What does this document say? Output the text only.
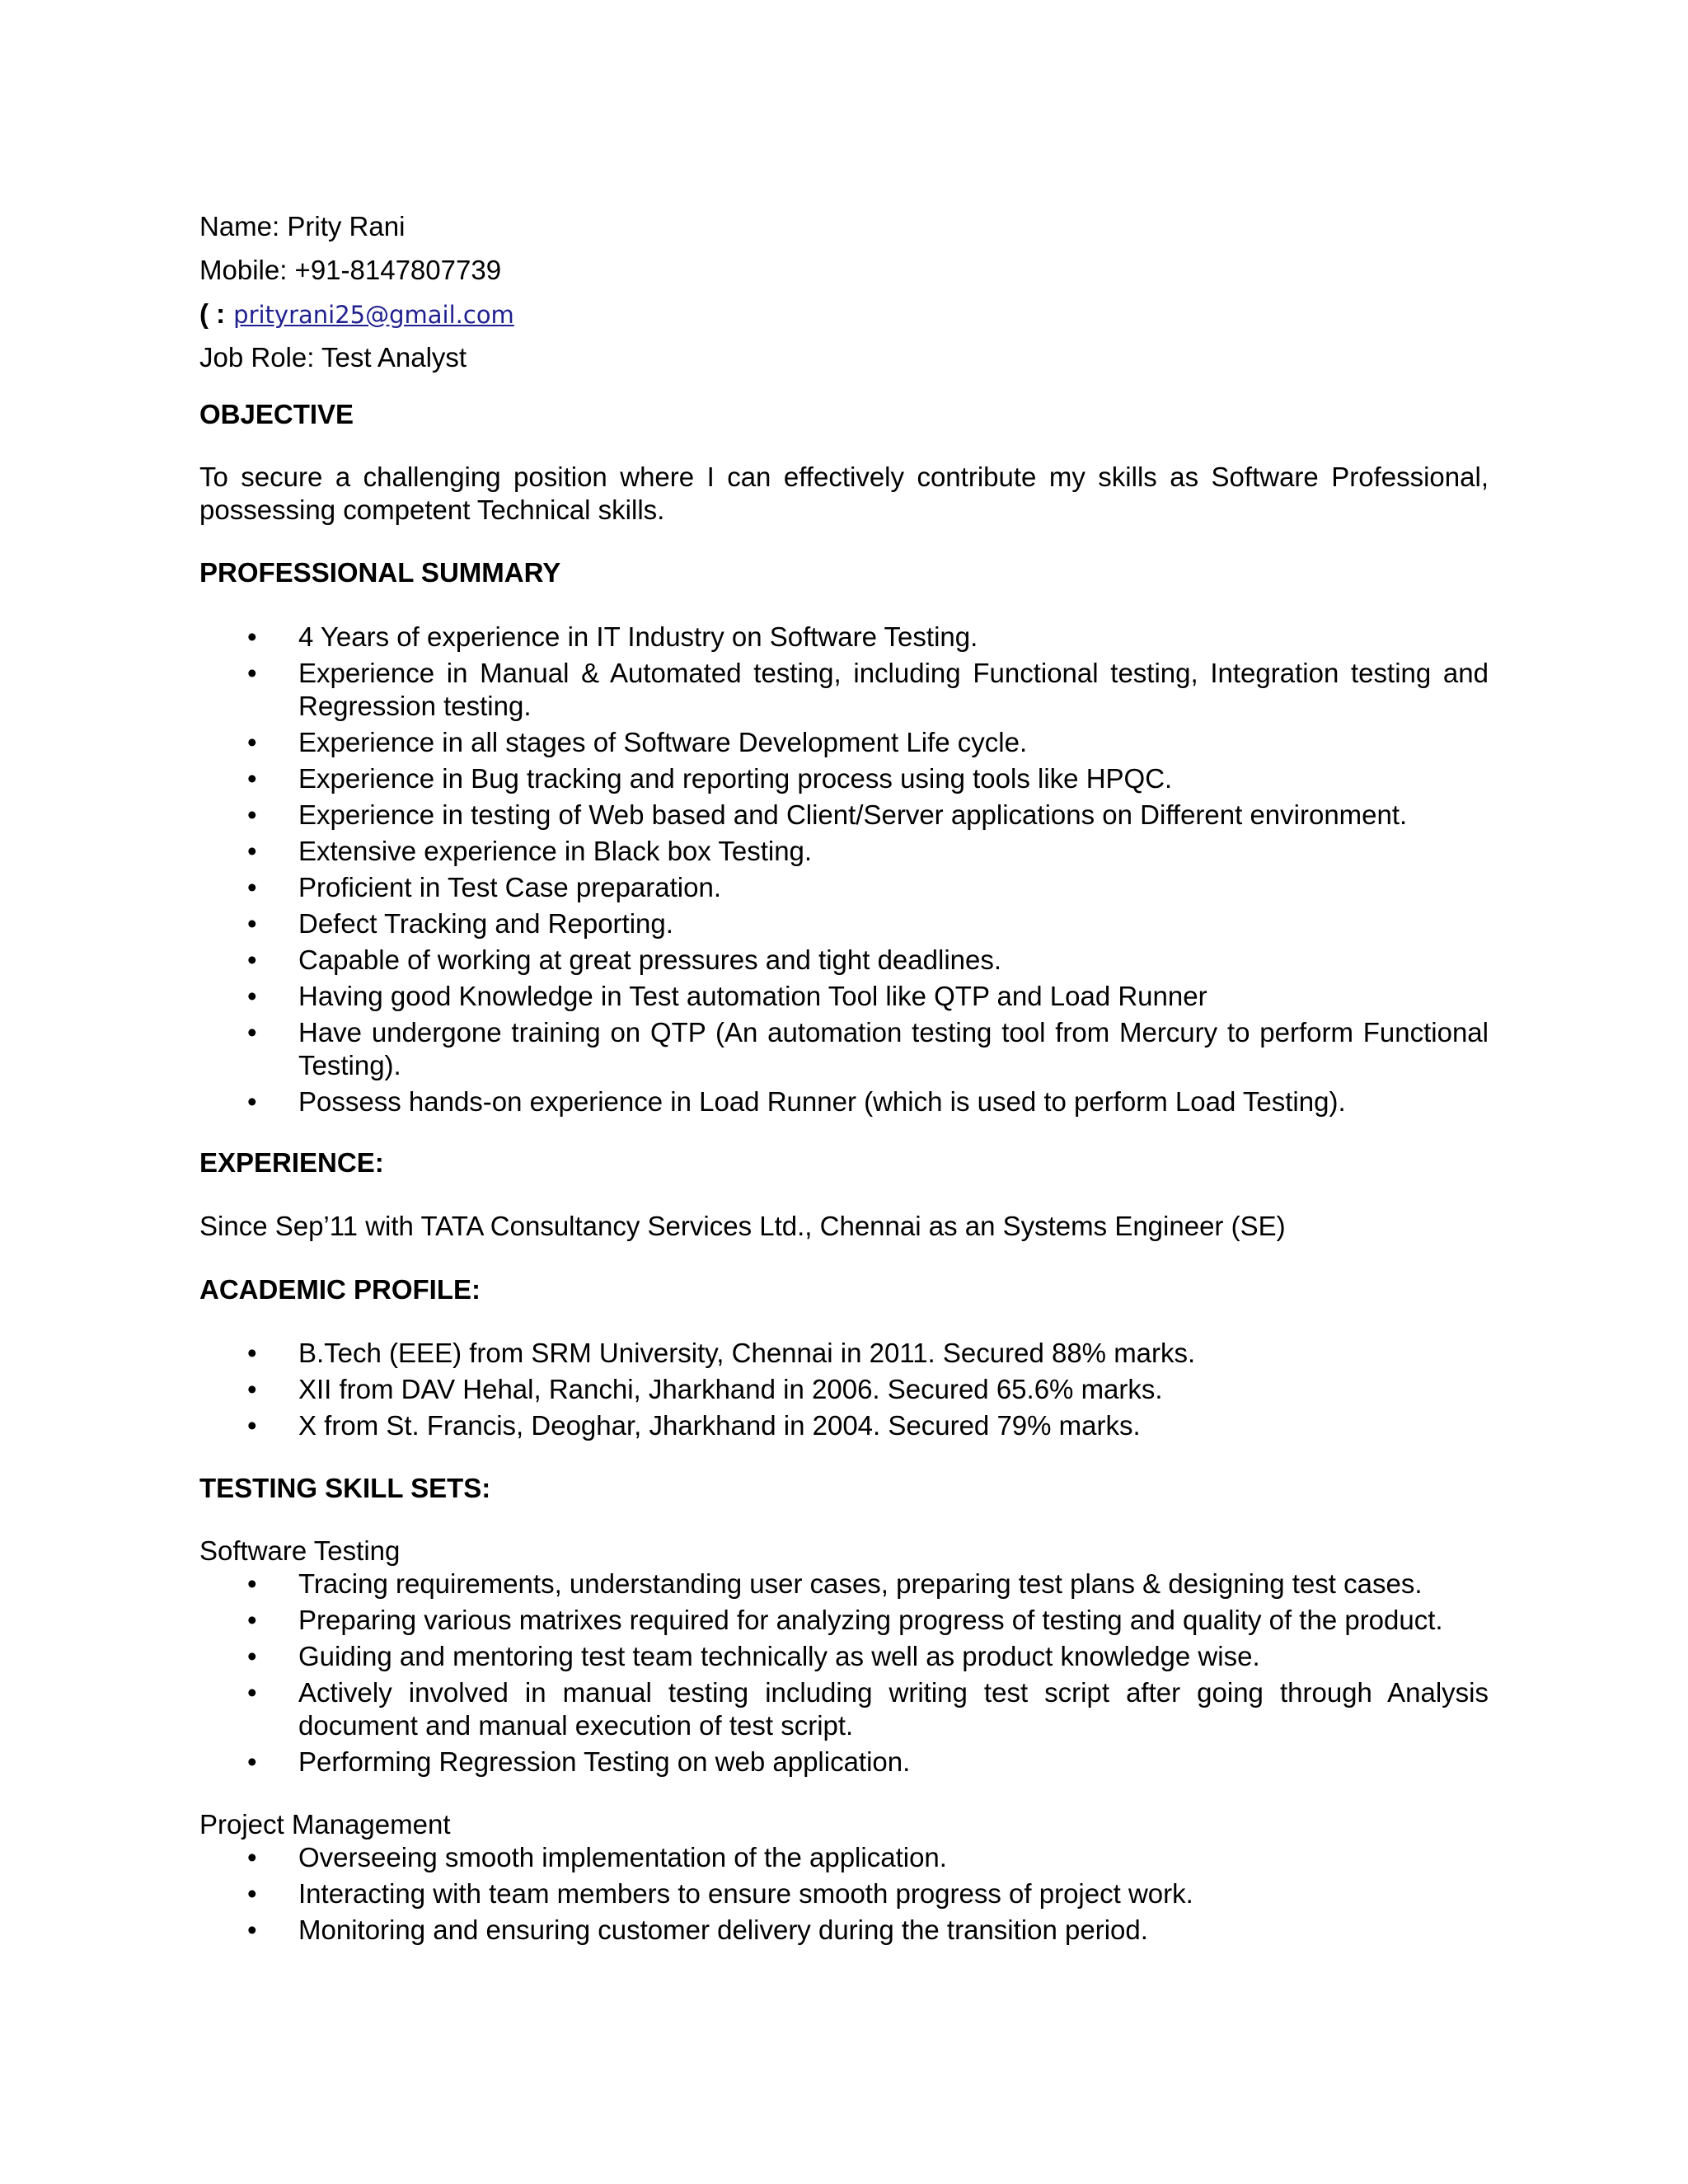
Name: Prity Rani

Mobile: +91-8147807739

( : prityrani25@gmail.com

Job Role: Test Analyst

OBJECTIVE

To secure a challenging position where I can effectively contribute my skills as Software Professional, possessing competent Technical skills.

PROFESSIONAL SUMMARY

• 4 Years of experience in IT Industry on Software Testing.
• Experience in Manual & Automated testing, including Functional testing, Integration testing and Regression testing.
• Experience in all stages of Software Development Life cycle.
• Experience in Bug tracking and reporting process using tools like HPQC.
• Experience in testing of Web based and Client/Server applications on Different environment.
• Extensive experience in Black box Testing.
• Proficient in Test Case preparation.
• Defect Tracking and Reporting.
• Capable of working at great pressures and tight deadlines.
• Having good Knowledge in Test automation Tool like QTP and Load Runner
• Have undergone training on QTP (An automation testing tool from Mercury to perform Functional Testing).
• Possess hands-on experience in Load Runner (which is used to perform Load Testing).

EXPERIENCE:

Since Sep’11 with TATA Consultancy Services Ltd., Chennai as an Systems Engineer (SE)

ACADEMIC PROFILE:

• B.Tech (EEE) from SRM University, Chennai in 2011. Secured 88% marks.
• XII from DAV Hehal, Ranchi, Jharkhand in 2006. Secured 65.6% marks.
• X from St. Francis, Deoghar, Jharkhand in 2004. Secured 79% marks.

TESTING SKILL SETS:

Software Testing

• Tracing requirements, understanding user cases, preparing test plans & designing test cases.
• Preparing various matrixes required for analyzing progress of testing and quality of the product.
• Guiding and mentoring test team technically as well as product knowledge wise.
• Actively involved in manual testing including writing test script after going through Analysis document and manual execution of test script.
• Performing Regression Testing on web application.

Project Management

• Overseeing smooth implementation of the application.
• Interacting with team members to ensure smooth progress of project work.
• Monitoring and ensuring customer delivery during the transition period.
